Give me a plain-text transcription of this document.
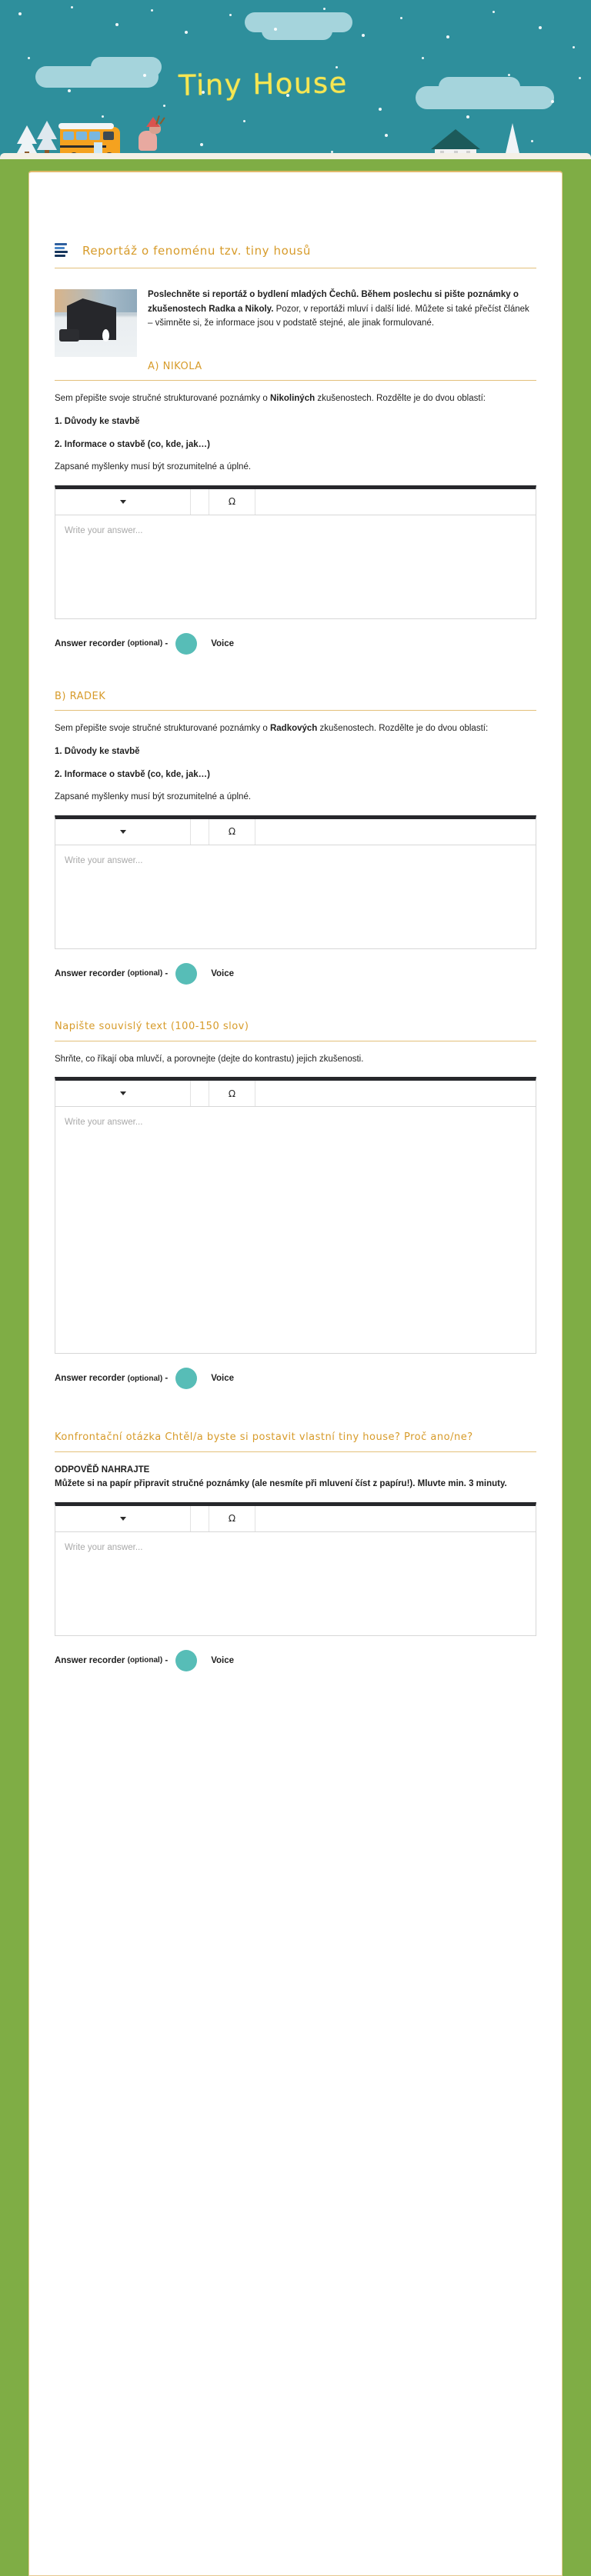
Tiny House
Reportáž o fenoménu tzv. tiny housů
Poslechněte si reportáž o bydlení mladých Čechů. Během poslechu si pište poznámky o zkušenostech Radka a Nikoly. Pozor, v reportáži mluví i další lidé. Můžete si také přečíst článek – všimněte si, že informace jsou v podstatě stejné, ale jinak formulované.
A) NIKOLA

Sem přepište svoje stručné strukturované poznámky o Nikoliných zkušenostech. Rozdělte je do dvou oblastí:

1. Důvody ke stavbě

2. Informace o stavbě (co, kde, jak…)

Zapsané myšlenky musí být srozumitelné a úplné.

Ω
Write your answer...
Answer recorder
(optional)
-	Voice
B) RADEK

Sem přepište svoje stručné strukturované poznámky o Radkových zkušenostech. Rozdělte je do dvou oblastí:

1. Důvody ke stavbě

2. Informace o stavbě (co, kde, jak…)

Zapsané myšlenky musí být srozumitelné a úplné.

Ω
Write your answer...
Answer recorder
(optional)
-	Voice
Napište souvislý text (100-150 slov)

Shrňte, co říkají oba mluvčí, a porovnejte (dejte do kontrastu) jejich zkušenosti.

Ω
Write your answer...
Answer recorder
(optional)
-	Voice
Konfrontační otázka Chtěl/a byste si postavit vlastní tiny house? Proč ano/ne?

ODPOVĚĎ NAHRAJTE

Můžete si na papír připravit stručné poznámky (ale nesmíte při mluvení číst z papíru!). Mluvte min. 3 minuty.

Ω
Write your answer...
Answer recorder
(optional)
-	Voice
